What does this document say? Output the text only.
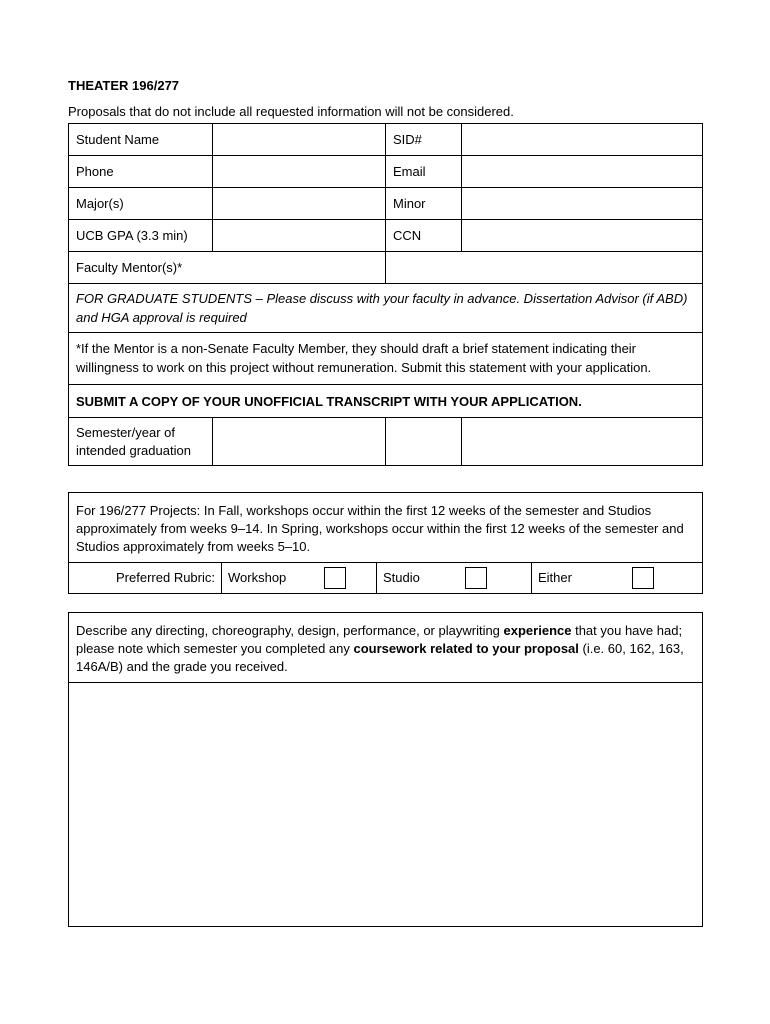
THEATER 196/277
Proposals that do not include all requested information will not be considered.
Student Name		SID#	
Phone		Email	
Major(s)		Minor	
UCB GPA (3.3 min)		CCN	
Faculty Mentor(s)*			
FOR GRADUATE STUDENTS – Please discuss with your faculty in advance. Dissertation Advisor (if ABD) and HGA approval is required			
*If the Mentor is a non-Senate Faculty Member, they should draft a brief statement indicating their willingness to work on this project without remuneration. Submit this statement with your application.			
SUBMIT A COPY OF YOUR UNOFFICIAL TRANSCRIPT WITH YOUR APPLICATION.			
Semester/year of
intended graduation			
For 196/277 Projects: In Fall, workshops occur within the first 12 weeks of the semester and Studios approximately from weeks 9–14. In Spring, workshops occur within the first 12 weeks of the semester and Studios approximately from weeks 5–10.
Preferred Rubric:	Workshop	Studio	Either
Describe any directing, choreography, design, performance, or playwriting experience that you have had; please note which semester you completed any coursework related to your proposal (i.e. 60, 162, 163, 146A/B) and the grade you received.
